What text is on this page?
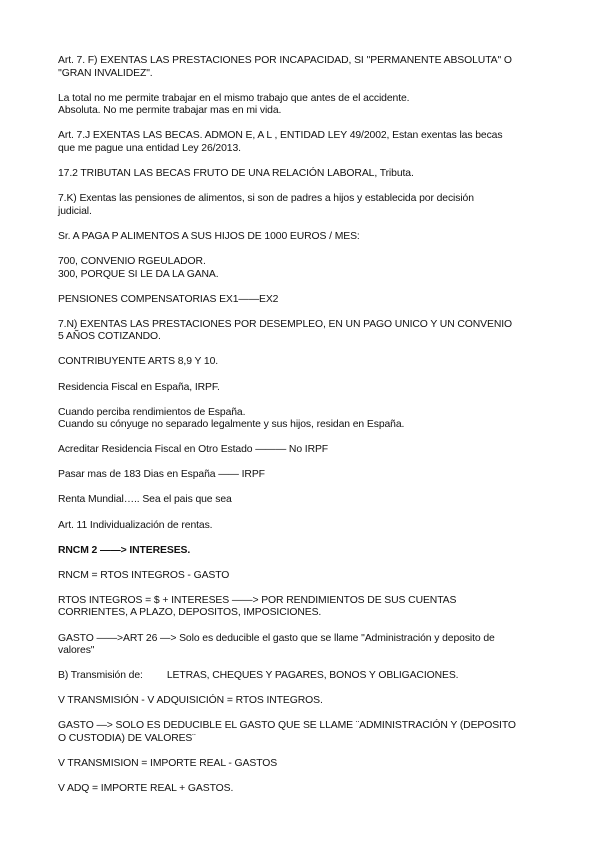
Art. 7. F) EXENTAS LAS PRESTACIONES POR INCAPACIDAD, SI ''PERMANENTE ABSOLUTA" O
''GRAN INVALIDEZ".
La total no me permite trabajar en el mismo trabajo que antes de el accidente.
Absoluta. No me permite trabajar mas en mi vida.
Art. 7.J EXENTAS LAS BECAS. ADMON E, A L , ENTIDAD LEY 49/2002, Estan exentas las becas
que me pague una entidad Ley 26/2013.
17.2 TRIBUTAN LAS BECAS FRUTO DE UNA RELACIÓN LABORAL, Tributa.
7.K) Exentas las pensiones de alimentos, si son de padres a hijos y establecida por decisión
judicial.
Sr. A PAGA P ALIMENTOS A SUS HIJOS DE 1000 EUROS / MES:
700, CONVENIO RGEULADOR.
300, PORQUE SI LE DA LA GANA.
PENSIONES COMPENSATORIAS EX1——EX2
7.N) EXENTAS LAS PRESTACIONES POR DESEMPLEO, EN UN PAGO UNICO Y UN CONVENIO
5 AÑOS COTIZANDO.
CONTRIBUYENTE ARTS 8,9 Y 10.
Residencia Fiscal en España, IRPF.
Cuando perciba rendimientos de España.
Cuando su cónyuge no separado legalmente y sus hijos, residan en España.
Acreditar Residencia Fiscal en Otro Estado ——— No IRPF
Pasar mas de 183 Dias en España —— IRPF
Renta Mundial….. Sea el pais que sea
Art. 11 Individualización de rentas.
RNCM 2 ——> INTERESES.
RNCM = RTOS INTEGROS - GASTO
RTOS INTEGROS = $ + INTERESES ——> POR RENDIMIENTOS DE SUS CUENTAS
CORRIENTES, A PLAZO, DEPOSITOS, IMPOSICIONES.
GASTO ——>ART 26 —> Solo es deducible el gasto que se llame "Administración y deposito de
valores"
B) Transmisión de: LETRAS, CHEQUES Y PAGARES, BONOS Y OBLIGACIONES.
V TRANSMISIÓN - V ADQUISICIÓN = RTOS INTEGROS.
GASTO —> SOLO ES DEDUCIBLE EL GASTO QUE SE LLAME ¨ADMINISTRACIÓN Y (DEPOSITO
O CUSTODIA) DE VALORES¨
V TRANSMISION = IMPORTE REAL - GASTOS
V ADQ = IMPORTE REAL + GASTOS.
